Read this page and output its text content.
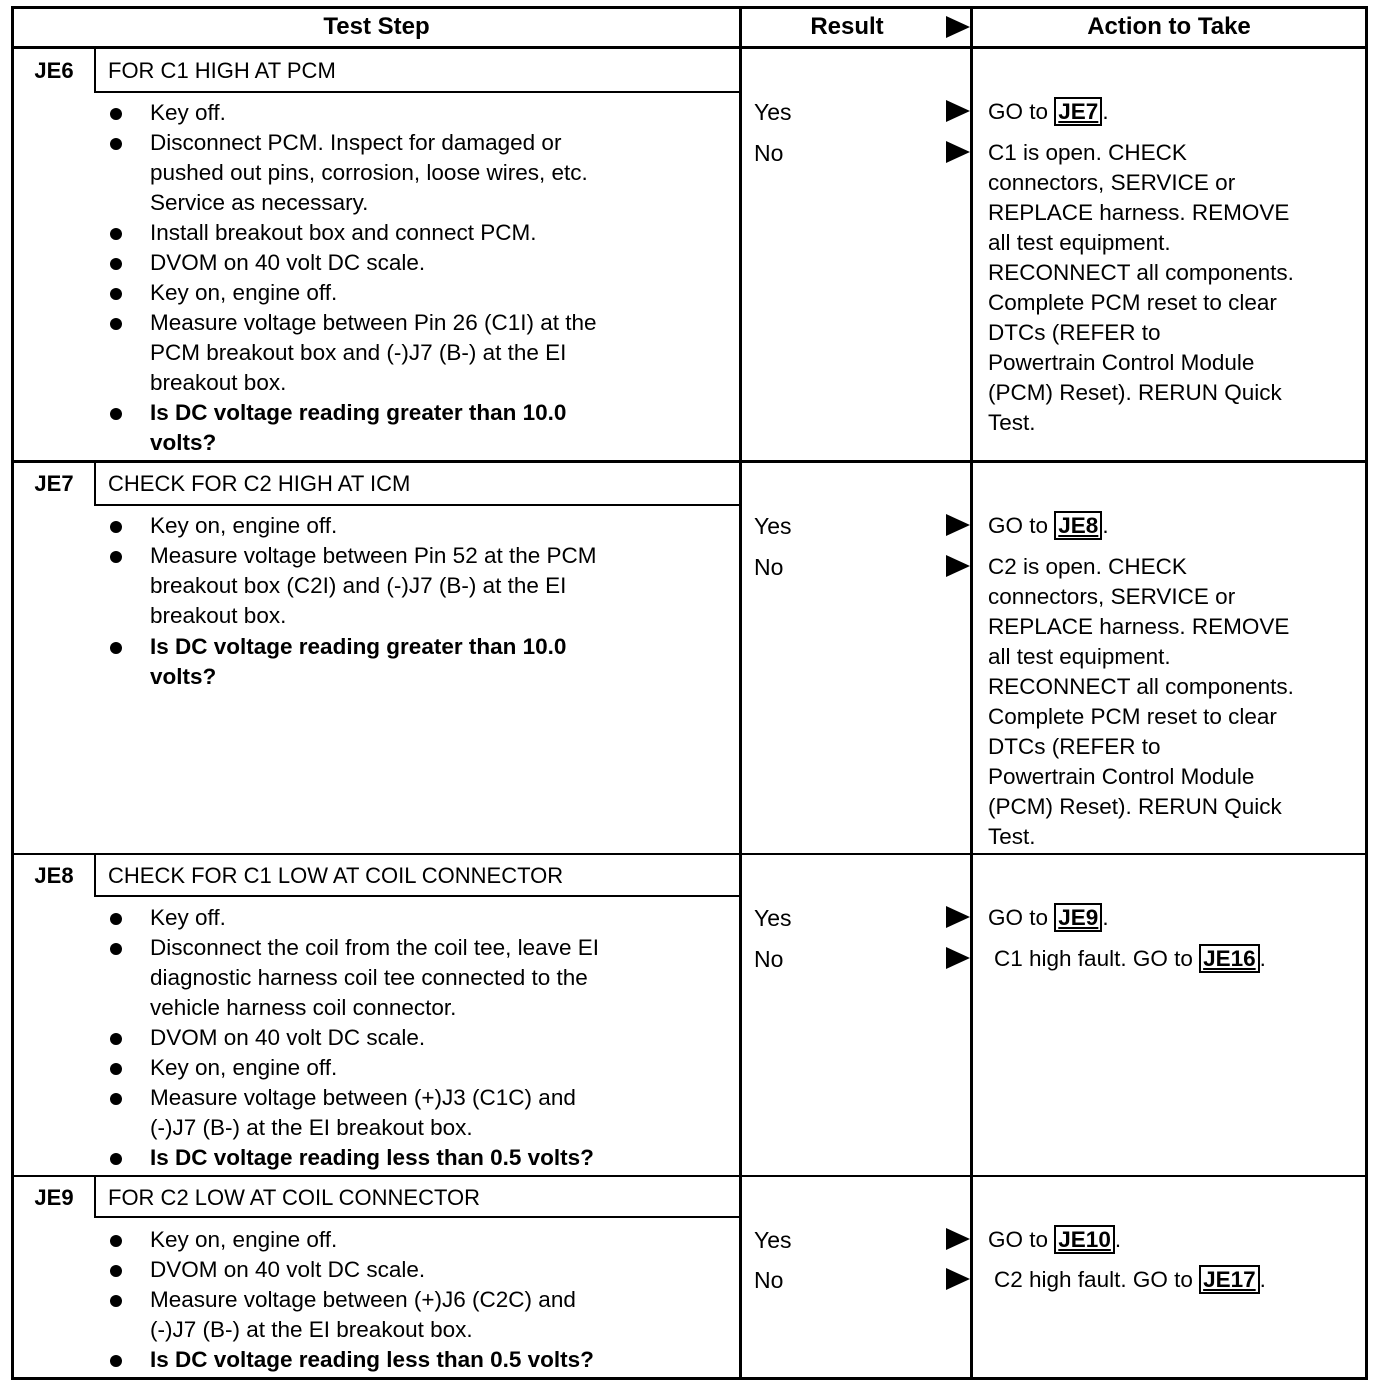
Test Step	Result	Action to Take
JE6	FOR C1 HIGH AT PCM
Key off.
Disconnect PCM. Inspect for damaged or
pushed out pins, corrosion, loose wires, etc.
Service as necessary.
Install breakout box and connect PCM.
DVOM on 40 volt DC scale.
Key on, engine off.
Measure voltage between Pin 26 (C1I) at the
PCM breakout box and (-)J7 (B-) at the EI
breakout box.
Is DC voltage reading greater than 10.0
volts?
Yes	GO to JE7 .
No	C1 is open. CHECK
connectors, SERVICE or
REPLACE harness. REMOVE
all test equipment.
RECONNECT all components.
Complete PCM reset to clear
DTCs (REFER to
Powertrain Control Module
(PCM) Reset). RERUN Quick
Test.
JE7	CHECK FOR C2 HIGH AT ICM
Key on, engine off.
Measure voltage between Pin 52 at the PCM
breakout box (C2I) and (-)J7 (B-) at the EI
breakout box.
Is DC voltage reading greater than 10.0
volts?
Yes	GO to JE8 .
No	C2 is open. CHECK
connectors, SERVICE or
REPLACE harness. REMOVE
all test equipment.
RECONNECT all components.
Complete PCM reset to clear
DTCs (REFER to
Powertrain Control Module
(PCM) Reset). RERUN Quick
Test.
JE8	CHECK FOR C1 LOW AT COIL CONNECTOR
Key off.
Disconnect the coil from the coil tee, leave EI
diagnostic harness coil tee connected to the
vehicle harness coil connector.
DVOM on 40 volt DC scale.
Key on, engine off.
Measure voltage between (+)J3 (C1C) and
(-)J7 (B-) at the EI breakout box.
Is DC voltage reading less than 0.5 volts?
Yes	GO to JE9 .
No	C1 high fault. GO to JE16 .
JE9	FOR C2 LOW AT COIL CONNECTOR
Key on, engine off.
DVOM on 40 volt DC scale.
Measure voltage between (+)J6 (C2C) and
(-)J7 (B-) at the EI breakout box.
Is DC voltage reading less than 0.5 volts?
Yes	GO to JE10 .
No	C2 high fault. GO to JE17 .
